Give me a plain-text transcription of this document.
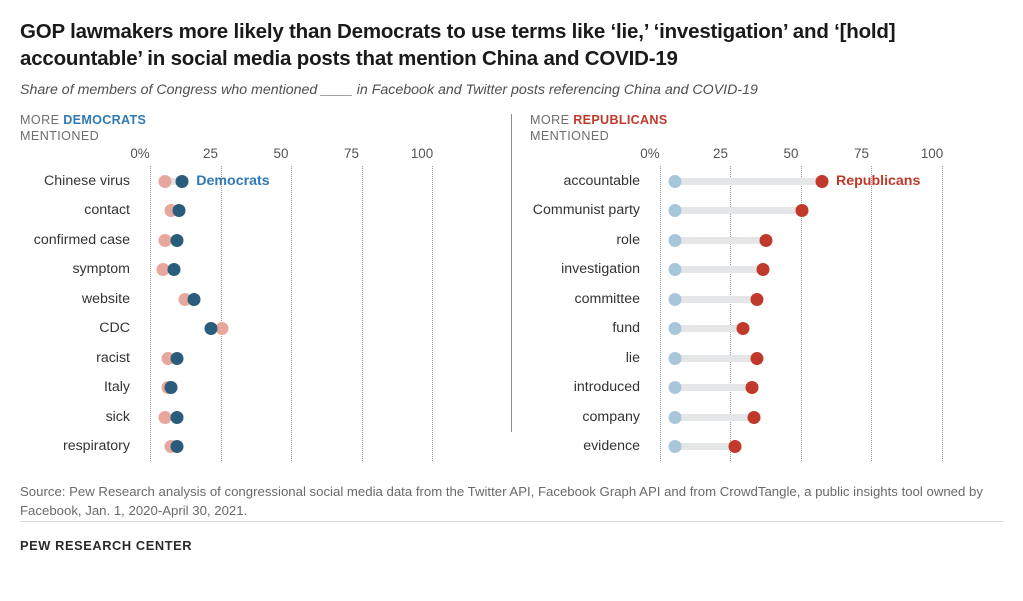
GOP lawmakers more likely than Democrats to use terms like ‘lie,’ ‘investigation’ and ‘[hold] accountable’ in social media posts that mention China and COVID-19
Share of members of Congress who mentioned ____ in Facebook and Twitter posts referencing China and COVID-19
MORE DEMOCRATS
MENTIONED
0%	25	50	75	100
Chinese virus	Democrats
contact
confirmed case
symptom
website
CDC
racist
Italy
sick
respiratory
MORE REPUBLICANS
MENTIONED
0%	25	50	75	100
accountable	Republicans
Communist party
role
investigation
committee
fund
lie
introduced
company
evidence
Source: Pew Research analysis of congressional social media data from the Twitter API, Facebook Graph API and from CrowdTangle, a public insights tool owned by Facebook, Jan. 1, 2020-April 30, 2021.
PEW RESEARCH CENTER
